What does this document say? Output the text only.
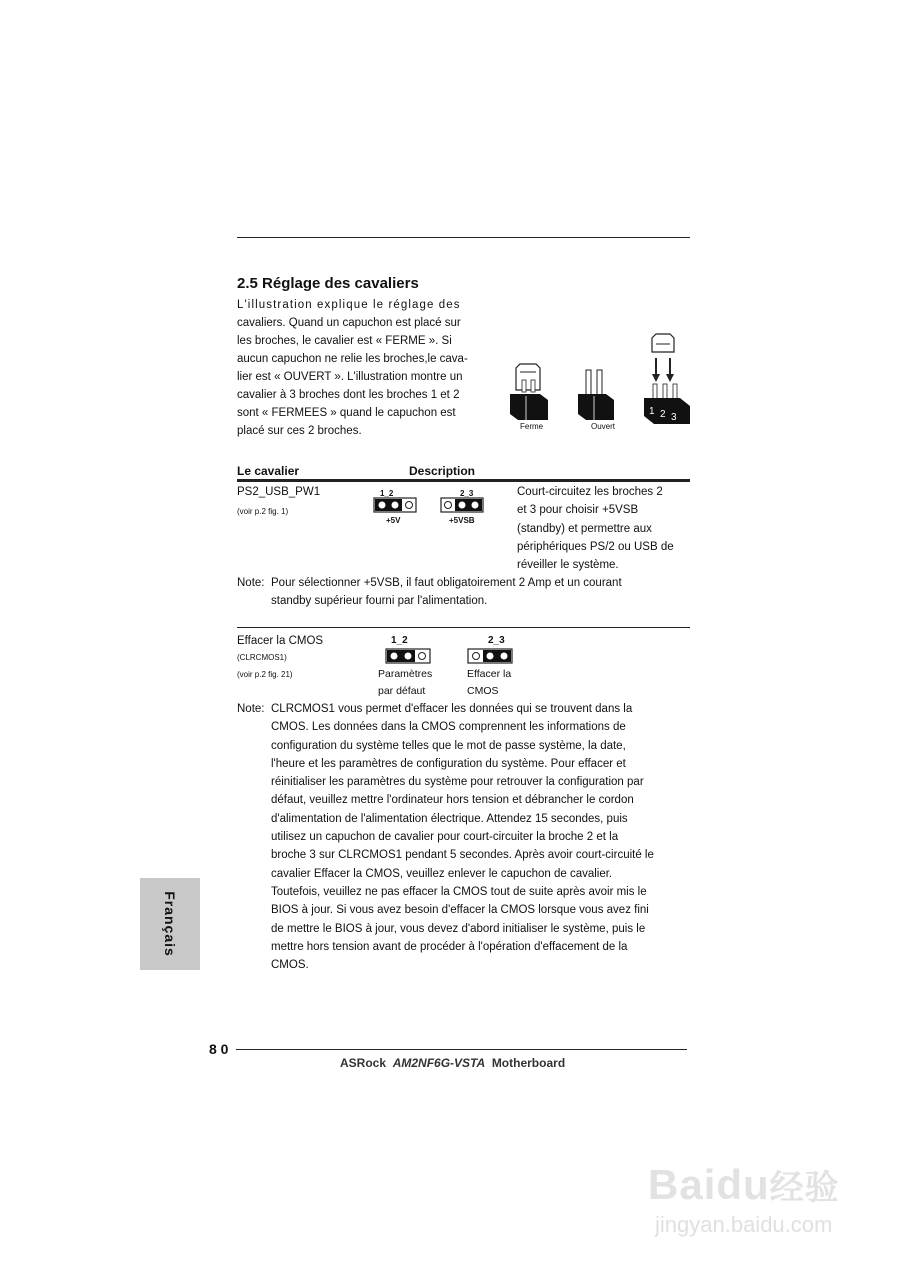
2.5 Réglage des cavaliers
L'illustration explique le réglage des
cavaliers. Quand un capuchon est placé sur
les broches, le cavalier est « FERME ». Si
aucun capuchon ne relie les broches,le cava-
lier est « OUVERT ». L'illustration montre un
cavalier à 3 broches dont les broches 1 et 2
sont « FERMEES » quand le capuchon est
placé sur ces 2 broches.
1 2 3
Ferme	Ouvert
Le cavalier	Description
PS2_USB_PW1
(voir p.2 fig. 1)
1_2
+5V
2_3
+5VSB
Court-circuitez les broches 2
et 3 pour choisir +5VSB
(standby) et permettre aux
périphériques PS/2 ou USB de
réveiller le système.
Note: Pour sélectionner +5VSB, il faut obligatoirement 2 Amp et un courant
standby supérieur fourni par l'alimentation.
Effacer la CMOS
(CLRCMOS1)
(voir p.2 fig. 21)
1_2
Paramètres
par défaut
2_3
Effacer la
CMOS
Note: CLRCMOS1 vous permet d'effacer les données qui se trouvent dans la
CMOS. Les données dans la CMOS comprennent les informations de
configuration du système telles que le mot de passe système, la date,
l'heure et les paramètres de configuration du système. Pour effacer et
réinitialiser les paramètres du système pour retrouver la configuration par
défaut, veuillez mettre l'ordinateur hors tension et débrancher le cordon
d'alimentation de l'alimentation électrique. Attendez 15 secondes, puis
utilisez un capuchon de cavalier pour court-circuiter la broche 2 et la
broche 3 sur CLRCMOS1 pendant 5 secondes. Après avoir court-circuité le
cavalier Effacer la CMOS, veuillez enlever le capuchon de cavalier.
Toutefois, veuillez ne pas effacer la CMOS tout de suite après avoir mis le
BIOS à jour. Si vous avez besoin d'effacer la CMOS lorsque vous avez fini
de mettre le BIOS à jour, vous devez d'abord initialiser le système, puis le
mettre hors tension avant de procéder à l'opération d'effacement de la
CMOS.
Français
8 0
ASRock AM2NF6G-VSTA Motherboard
Baidu经验
jingyan.baidu.com
